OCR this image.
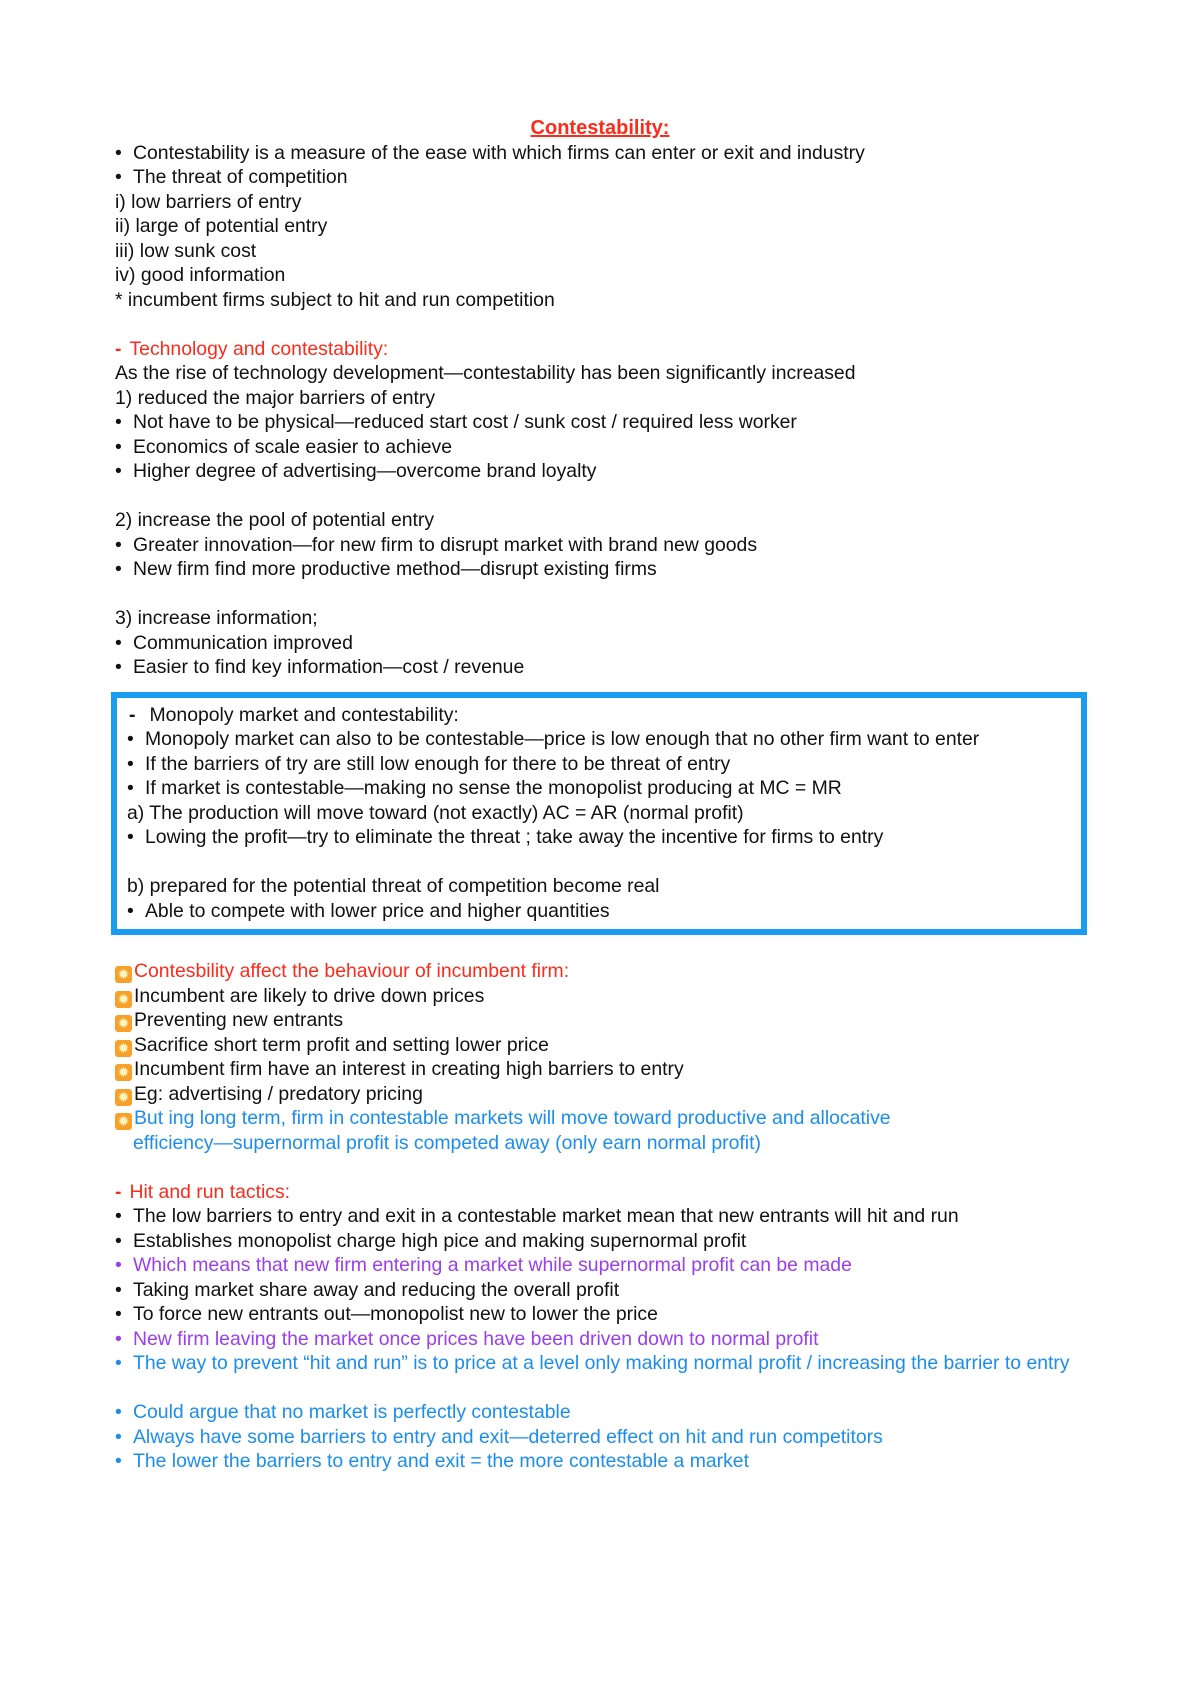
Contestability:
• Contestability is a measure of the ease with which firms can enter or exit and industry
• The threat of competition
i) low barriers of entry
ii) large of potential entry
iii) low sunk cost
iv) good information
* incumbent firms subject to hit and run competition
- Technology and contestability:
As the rise of technology development—contestability has been significantly increased
1) reduced the major barriers of entry
• Not have to be physical—reduced start cost / sunk cost / required less worker
• Economics of scale easier to achieve
• Higher degree of advertising—overcome brand loyalty
2) increase the pool of potential entry
• Greater innovation—for new firm to disrupt market with brand new goods
• New firm find more productive method—disrupt existing firms
3) increase information;
• Communication improved
• Easier to find key information—cost / revenue
- Monopoly market and contestability:
• Monopoly market can also to be contestable—price is low enough that no other firm want to enter
• If the barriers of try are still low enough for there to be threat of entry
• If market is contestable—making no sense the monopolist producing at MC = MR
a) The production will move toward (not exactly) AC = AR (normal profit)
• Lowing the profit—try to eliminate the threat ; take away the incentive for firms to entry
b) prepared for the potential threat of competition become real
• Able to compete with lower price and higher quantities
✹ Contesbility affect the behaviour of incumbent firm:
✹ Incumbent are likely to drive down prices
✹ Preventing new entrants
✹ Sacrifice short term profit and setting lower price
✹ Incumbent firm have an interest in creating high barriers to entry
✹ Eg: advertising / predatory pricing
✹ But ing long term, firm in contestable markets will move toward productive and allocative
efficiency—supernormal profit is competed away (only earn normal profit)
- Hit and run tactics:
• The low barriers to entry and exit in a contestable market mean that new entrants will hit and run
• Establishes monopolist charge high pice and making supernormal profit
• Which means that new firm entering a market while supernormal profit can be made
• Taking market share away and reducing the overall profit
• To force new entrants out—monopolist new to lower the price
• New firm leaving the market once prices have been driven down to normal profit
• The way to prevent “hit and run” is to price at a level only making normal profit / increasing the barrier to entry
• Could argue that no market is perfectly contestable
• Always have some barriers to entry and exit—deterred effect on hit and run competitors
• The lower the barriers to entry and exit = the more contestable a market
